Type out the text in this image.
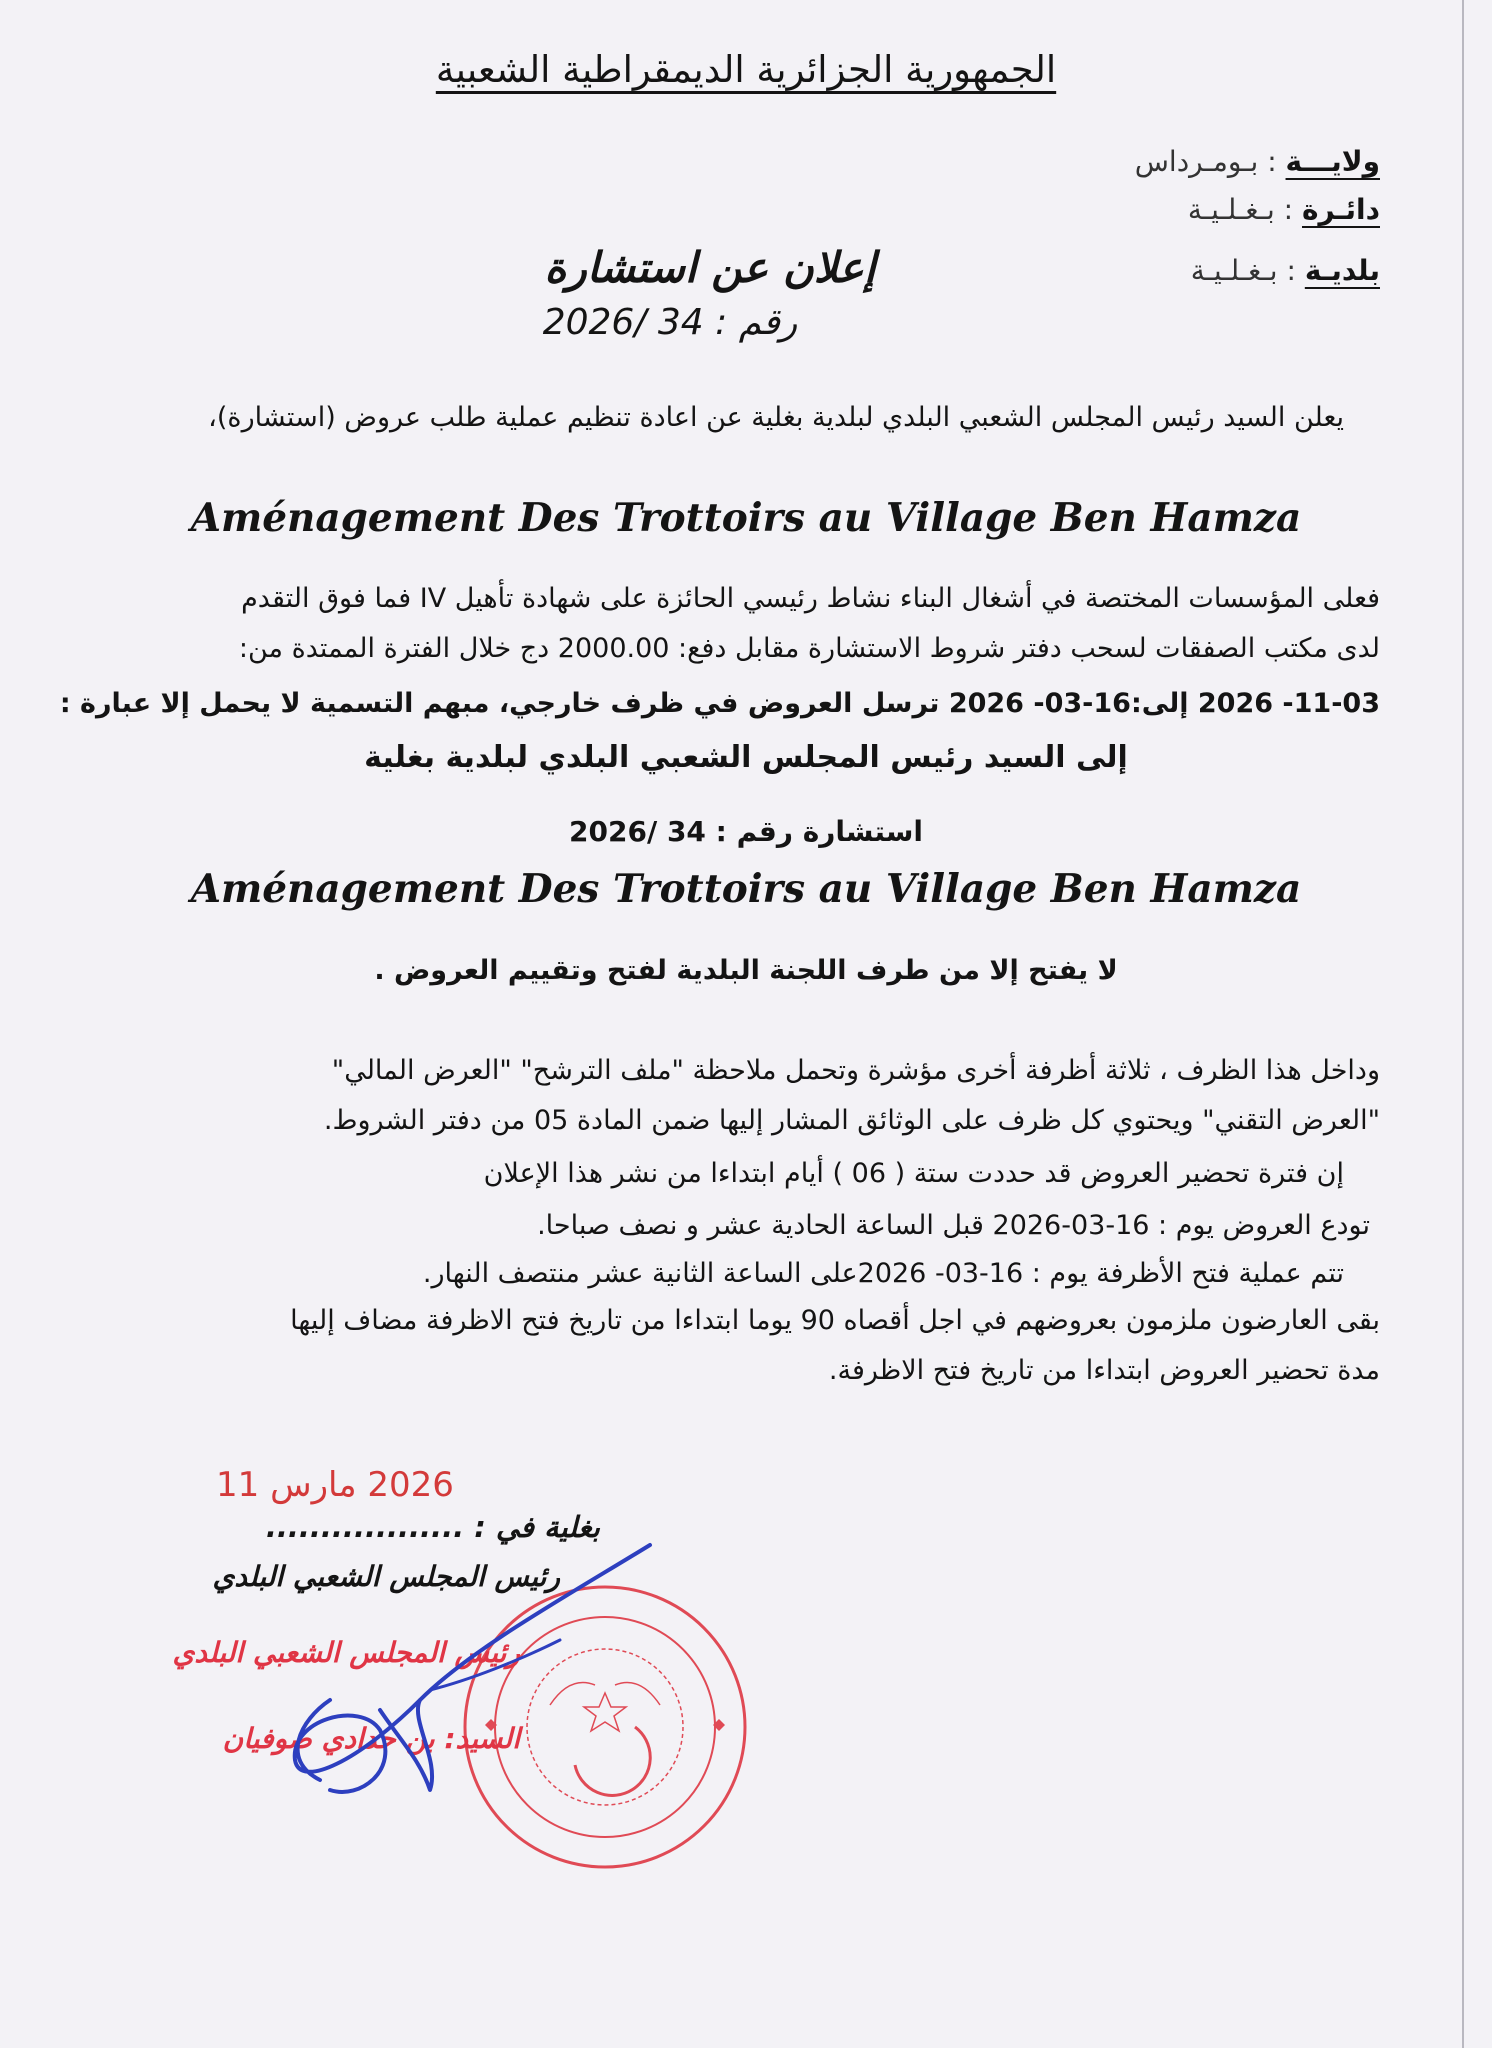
الجمهورية الجزائرية الديمقراطية الشعبية
ولايـــة : بـومـرداس
دائـرة : بـغـلـيـة
بلديـة : بـغـلـيـة
إعلان عن استشارة
رقم : 34 /2026
يعلن السيد رئيس المجلس الشعبي البلدي لبلدية بغلية عن اعادة تنظيم عملية طلب عروض (استشارة)،
Aménagement Des Trottoirs au Village Ben Hamza
فعلى المؤسسات المختصة في أشغال البناء نشاط رئيسي الحائزة على شهادة تأهيل IV فما فوق التقدم
لدى مكتب الصفقات لسحب دفتر شروط الاستشارة مقابل دفع: 2000.00 دج خلال الفترة الممتدة من:
11-03- 2026 إلى:16-03- 2026 ترسل العروض في ظرف خارجي، مبهم التسمية لا يحمل إلا عبارة :
إلى السيد رئيس المجلس الشعبي البلدي لبلدية بغلية
استشارة رقم : 34 /2026
Aménagement Des Trottoirs au Village Ben Hamza
لا يفتح إلا من طرف اللجنة البلدية لفتح وتقييم العروض .
وداخل هذا الظرف ، ثلاثة أظرفة أخرى مؤشرة وتحمل ملاحظة "ملف الترشح" "العرض المالي"
"العرض التقني" ويحتوي كل ظرف على الوثائق المشار إليها ضمن المادة 05 من دفتر الشروط.
إن فترة تحضير العروض قد حددت ستة ( 06 ) أيام ابتداءا من نشر هذا الإعلان
تودع العروض يوم : 16-03-2026 قبل الساعة الحادية عشر و نصف صباحا.
تتم عملية فتح الأظرفة يوم : 16-03- 2026على الساعة الثانية عشر منتصف النهار.
بقى العارضون ملزمون بعروضهم في اجل أقصاه 90 يوما ابتداءا من تاريخ فتح الاظرفة مضاف إليها
مدة تحضير العروض ابتداءا من تاريخ فتح الاظرفة.
2026 مارس 11
بغلية في : ..................
رئيس المجلس الشعبي البلدي
رئيس المجلس الشعبي البلدي
السيد: بن حدادي صوفيان
